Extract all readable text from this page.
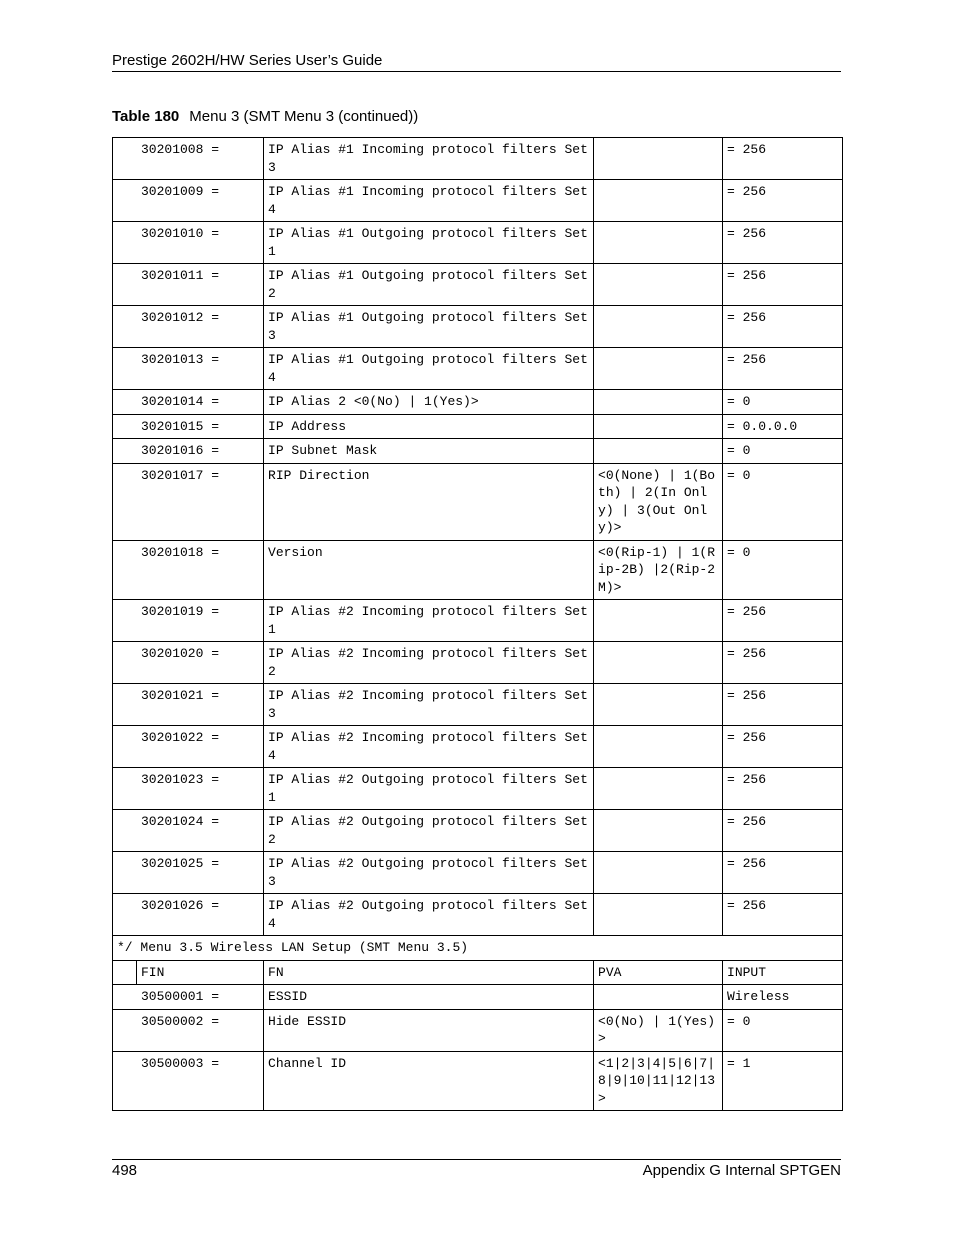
Prestige 2602H/HW Series User’s Guide
Table 180 Menu 3 (SMT Menu 3 (continued))
30201008 =		IP Alias #1 Incoming protocol filters Set 3		= 256
30201009 =		IP Alias #1 Incoming protocol filters Set 4		= 256
30201010 =		IP Alias #1 Outgoing protocol filters Set 1		= 256
30201011 =		IP Alias #1 Outgoing protocol filters Set 2		= 256
30201012 =		IP Alias #1 Outgoing protocol filters Set 3		= 256
30201013 =		IP Alias #1 Outgoing protocol filters Set 4		= 256
30201014 =		IP Alias 2 <0(No) | 1(Yes)>		= 0
30201015 =		IP Address		= 0.0.0.0
30201016 =		IP Subnet Mask		= 0
30201017 =		RIP Direction	<0(None) | 1(Both) | 2(In Only) | 3(Out Only)>	= 0
30201018 =		Version	<0(Rip-1) | 1(Rip-2B) |2(Rip-2M)>	= 0
30201019 =		IP Alias #2 Incoming protocol filters Set 1		= 256
30201020 =		IP Alias #2 Incoming protocol filters Set 2		= 256
30201021 =		IP Alias #2 Incoming protocol filters Set 3		= 256
30201022 =		IP Alias #2 Incoming protocol filters Set 4		= 256
30201023 =		IP Alias #2 Outgoing protocol filters Set 1		= 256
30201024 =		IP Alias #2 Outgoing protocol filters Set 2		= 256
30201025 =		IP Alias #2 Outgoing protocol filters Set 3		= 256
30201026 =		IP Alias #2 Outgoing protocol filters Set 4		= 256
*/ Menu 3.5 Wireless LAN Setup (SMT Menu 3.5)				
	FIN	FN	PVA	INPUT
30500001 =		ESSID		Wireless
30500002 =		Hide ESSID	<0(No) | 1(Yes)>	= 0
30500003 =		Channel ID	<1|2|3|4|5|6|7|8|9|10|11|12|13>	= 1
498	Appendix G Internal SPTGEN
